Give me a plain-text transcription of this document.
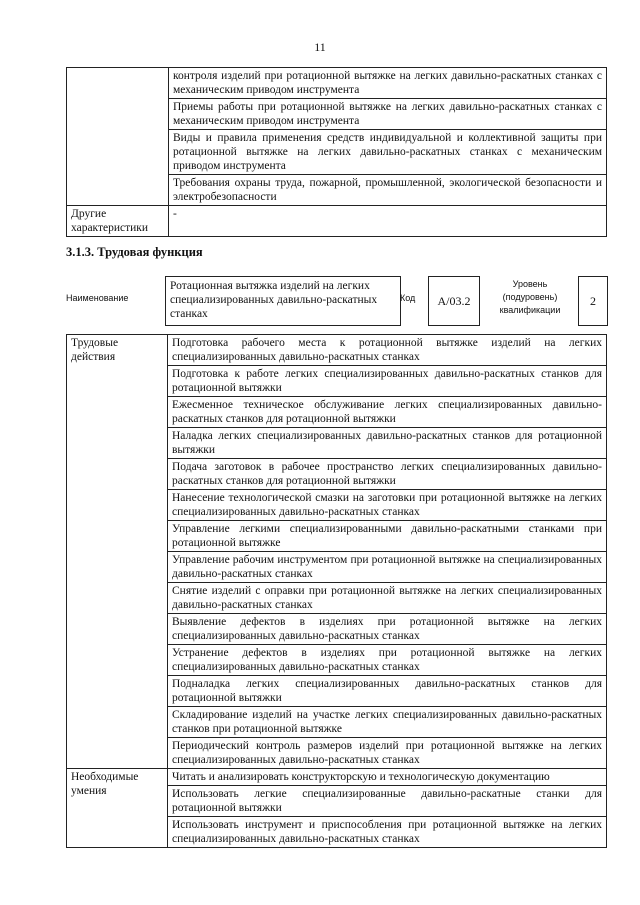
11
	контроля изделий при ротационной вытяжке на легких давильно-раскатных станках с механическим приводом инструмента
	Приемы работы при ротационной вытяжке на легких давильно-раскатных станках с механическим приводом инструмента
	Виды и правила применения средств индивидуальной и коллективной защиты при ротационной вытяжке на легких давильно-раскатных станках с механическим приводом инструмента
	Требования охраны труда, пожарной, промышленной, экологической безопасности и электробезопасности
Другие характеристики	-
3.1.3. Трудовая функция
Наименование
Ротационная вытяжка изделий на легких специализированных давильно-раскатных станках
Код	А/03.2
Уровень (подуровень) квалификации
2
Трудовые действия	Подготовка рабочего места к ротационной вытяжке изделий на легких специализированных давильно-раскатных станках
	Подготовка к работе легких специализированных давильно-раскатных станков для ротационной вытяжки
	Ежесменное техническое обслуживание легких специализированных давильно-раскатных станков для ротационной вытяжки
	Наладка легких специализированных давильно-раскатных станков для ротационной вытяжки
	Подача заготовок в рабочее пространство легких специализированных давильно-раскатных станков для ротационной вытяжки
	Нанесение технологической смазки на заготовки при ротационной вытяжке на легких специализированных давильно-раскатных станках
	Управление легкими специализированными давильно-раскатными станками при ротационной вытяжке
	Управление рабочим инструментом при ротационной вытяжке на специализированных давильно-раскатных станках
	Снятие изделий с оправки при ротационной вытяжке на легких специализированных давильно-раскатных станках
	Выявление дефектов в изделиях при ротационной вытяжке на легких специализированных давильно-раскатных станках
	Устранение дефектов в изделиях при ротационной вытяжке на легких специализированных давильно-раскатных станках
	Подналадка легких специализированных давильно-раскатных станков для ротационной вытяжки
	Складирование изделий на участке легких специализированных давильно-раскатных станков при ротационной вытяжке
	Периодический контроль размеров изделий при ротационной вытяжке на легких специализированных давильно-раскатных станках
Необходимые умения	Читать и анализировать конструкторскую и технологическую документацию
	Использовать легкие специализированные давильно-раскатные станки для ротационной вытяжки
	Использовать инструмент и приспособления при ротационной вытяжке на легких специализированных давильно-раскатных станках
